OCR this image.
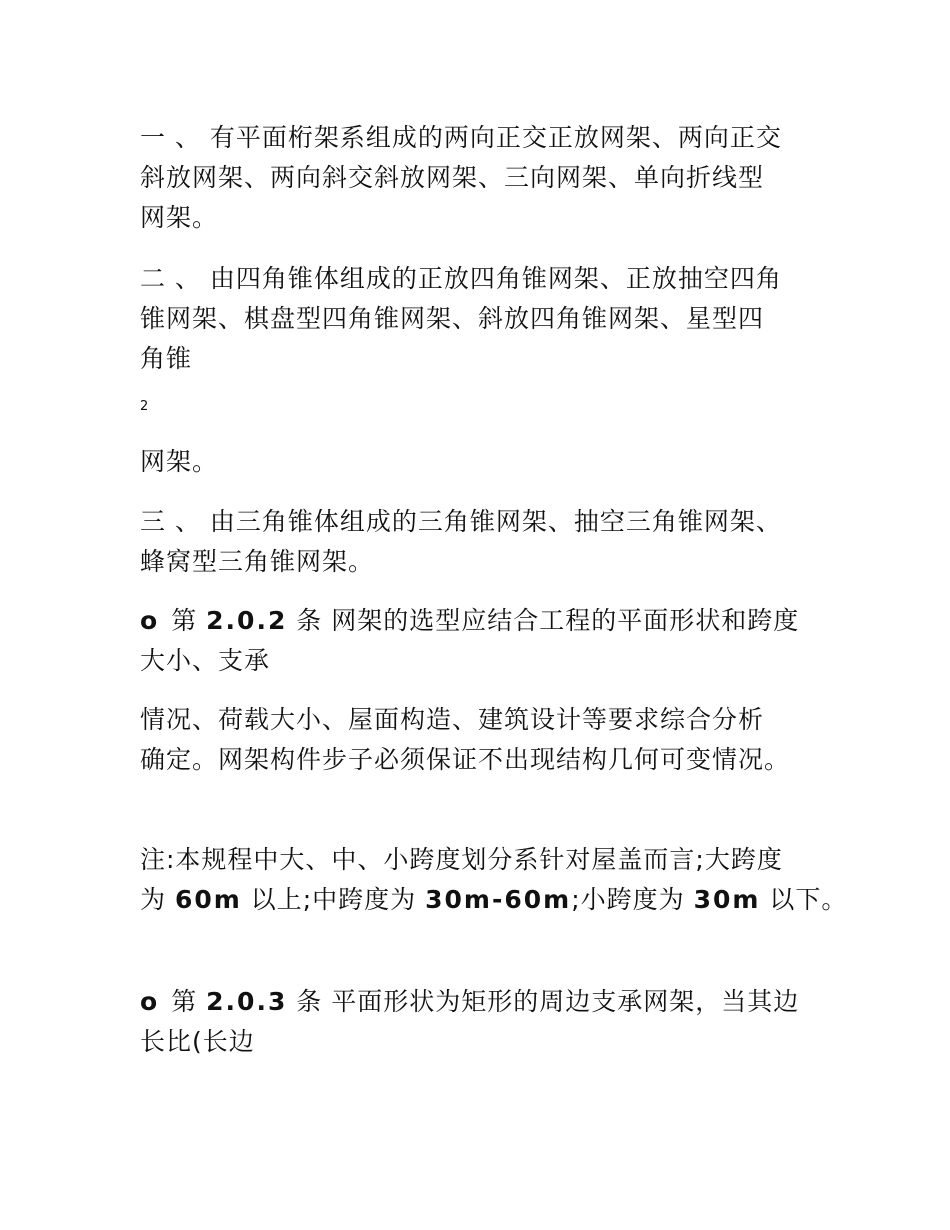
一 、 有平面桁架系组成的两向正交正放网架、两向正交
斜放网架、两向斜交斜放网架、三向网架、单向折线型
网架。
二 、 由四角锥体组成的正放四角锥网架、正放抽空四角
锥网架、棋盘型四角锥网架、斜放四角锥网架、星型四
角锥
2
网架。
三 、 由三角锥体组成的三角锥网架、抽空三角锥网架、
蜂窝型三角锥网架。
o 第 2.0.2 条 网架的选型应结合工程的平面形状和跨度
大小、支承
情况、荷载大小、屋面构造、建筑设计等要求综合分析
确定。网架构件步子必须保证不出现结构几何可变情况。
注:本规程中大、中、小跨度划分系针对屋盖而言;大跨度
为 60m 以上;中跨度为 30m-60m;小跨度为 30m 以下。
o 第 2.0.3 条 平面形状为矩形的周边支承网架，当其边
长比(长边
